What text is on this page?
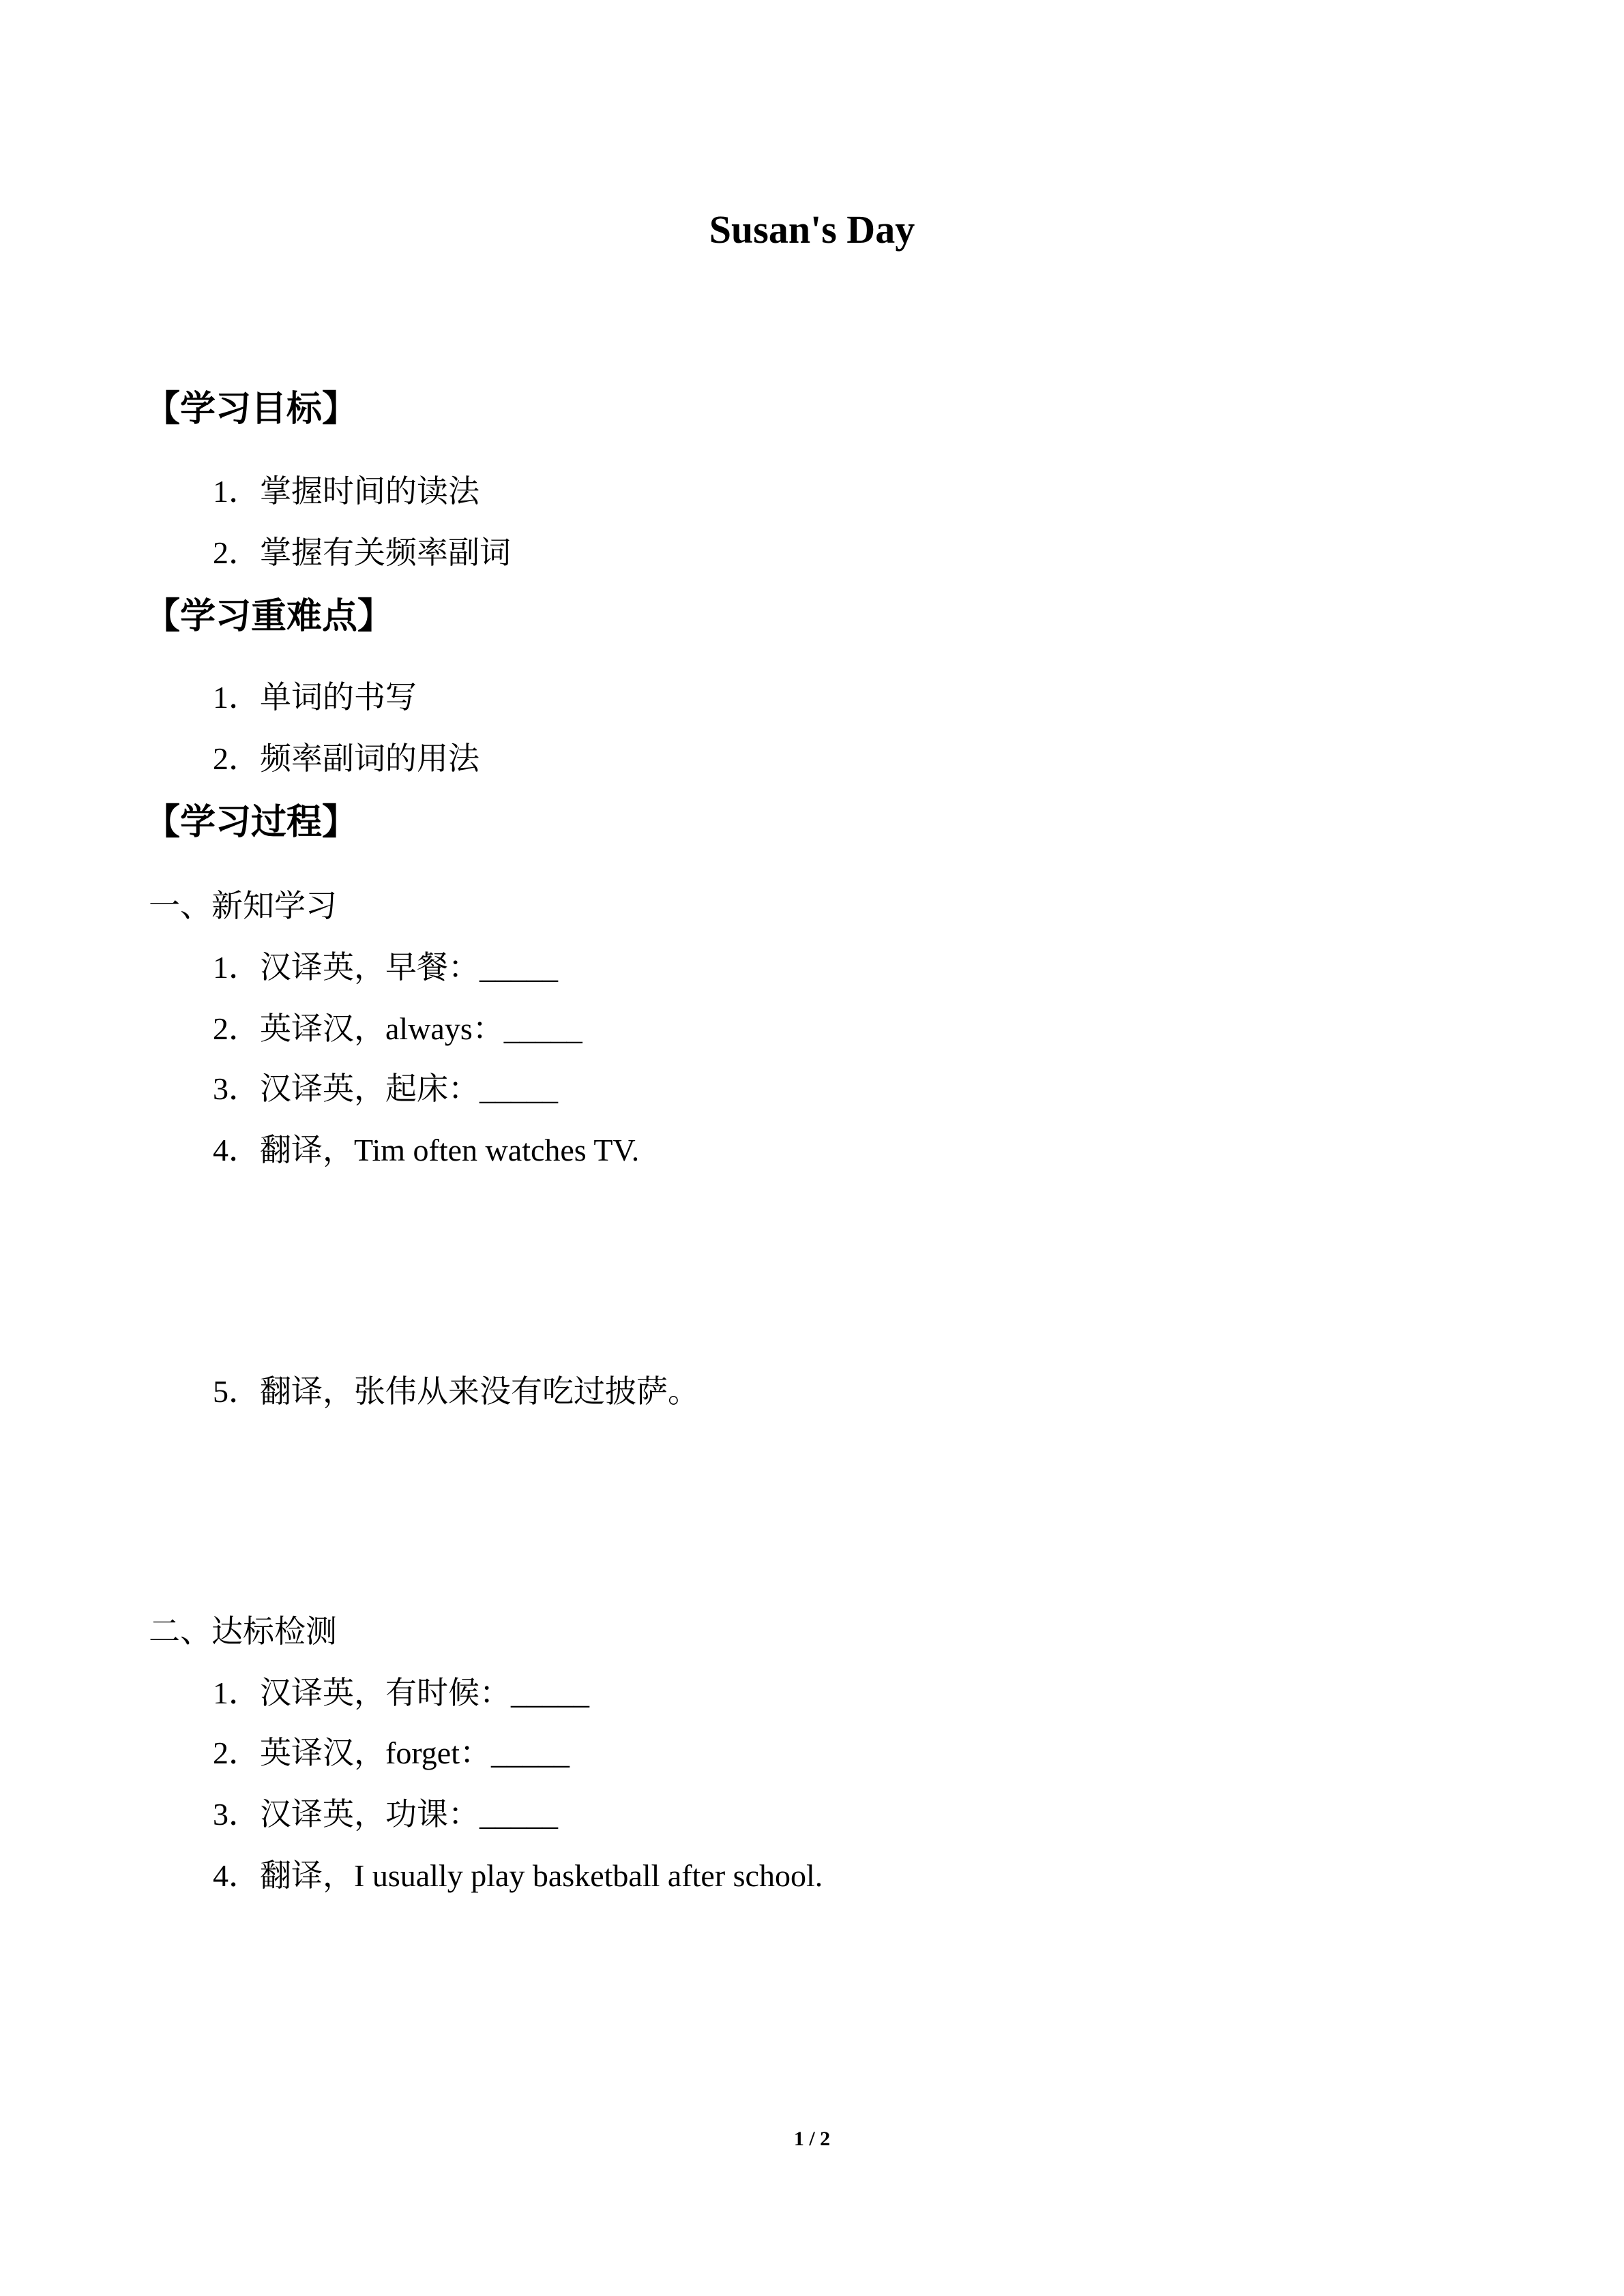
Susan's Day
【学习目标】
1．掌握时间的读法
2．掌握有关频率副词
【学习重难点】
1．单词的书写
2．频率副词的用法
【学习过程】
一、新知学习
1．汉译英，早餐：_____
2．英译汉，always：_____
3．汉译英，起床：_____
4．翻译，Tim often watches TV.
5．翻译，张伟从来没有吃过披萨。
二、达标检测
1．汉译英，有时候：_____
2．英译汉，forget：_____
3．汉译英，功课：_____
4．翻译，I usually play basketball after school.
1 / 2
